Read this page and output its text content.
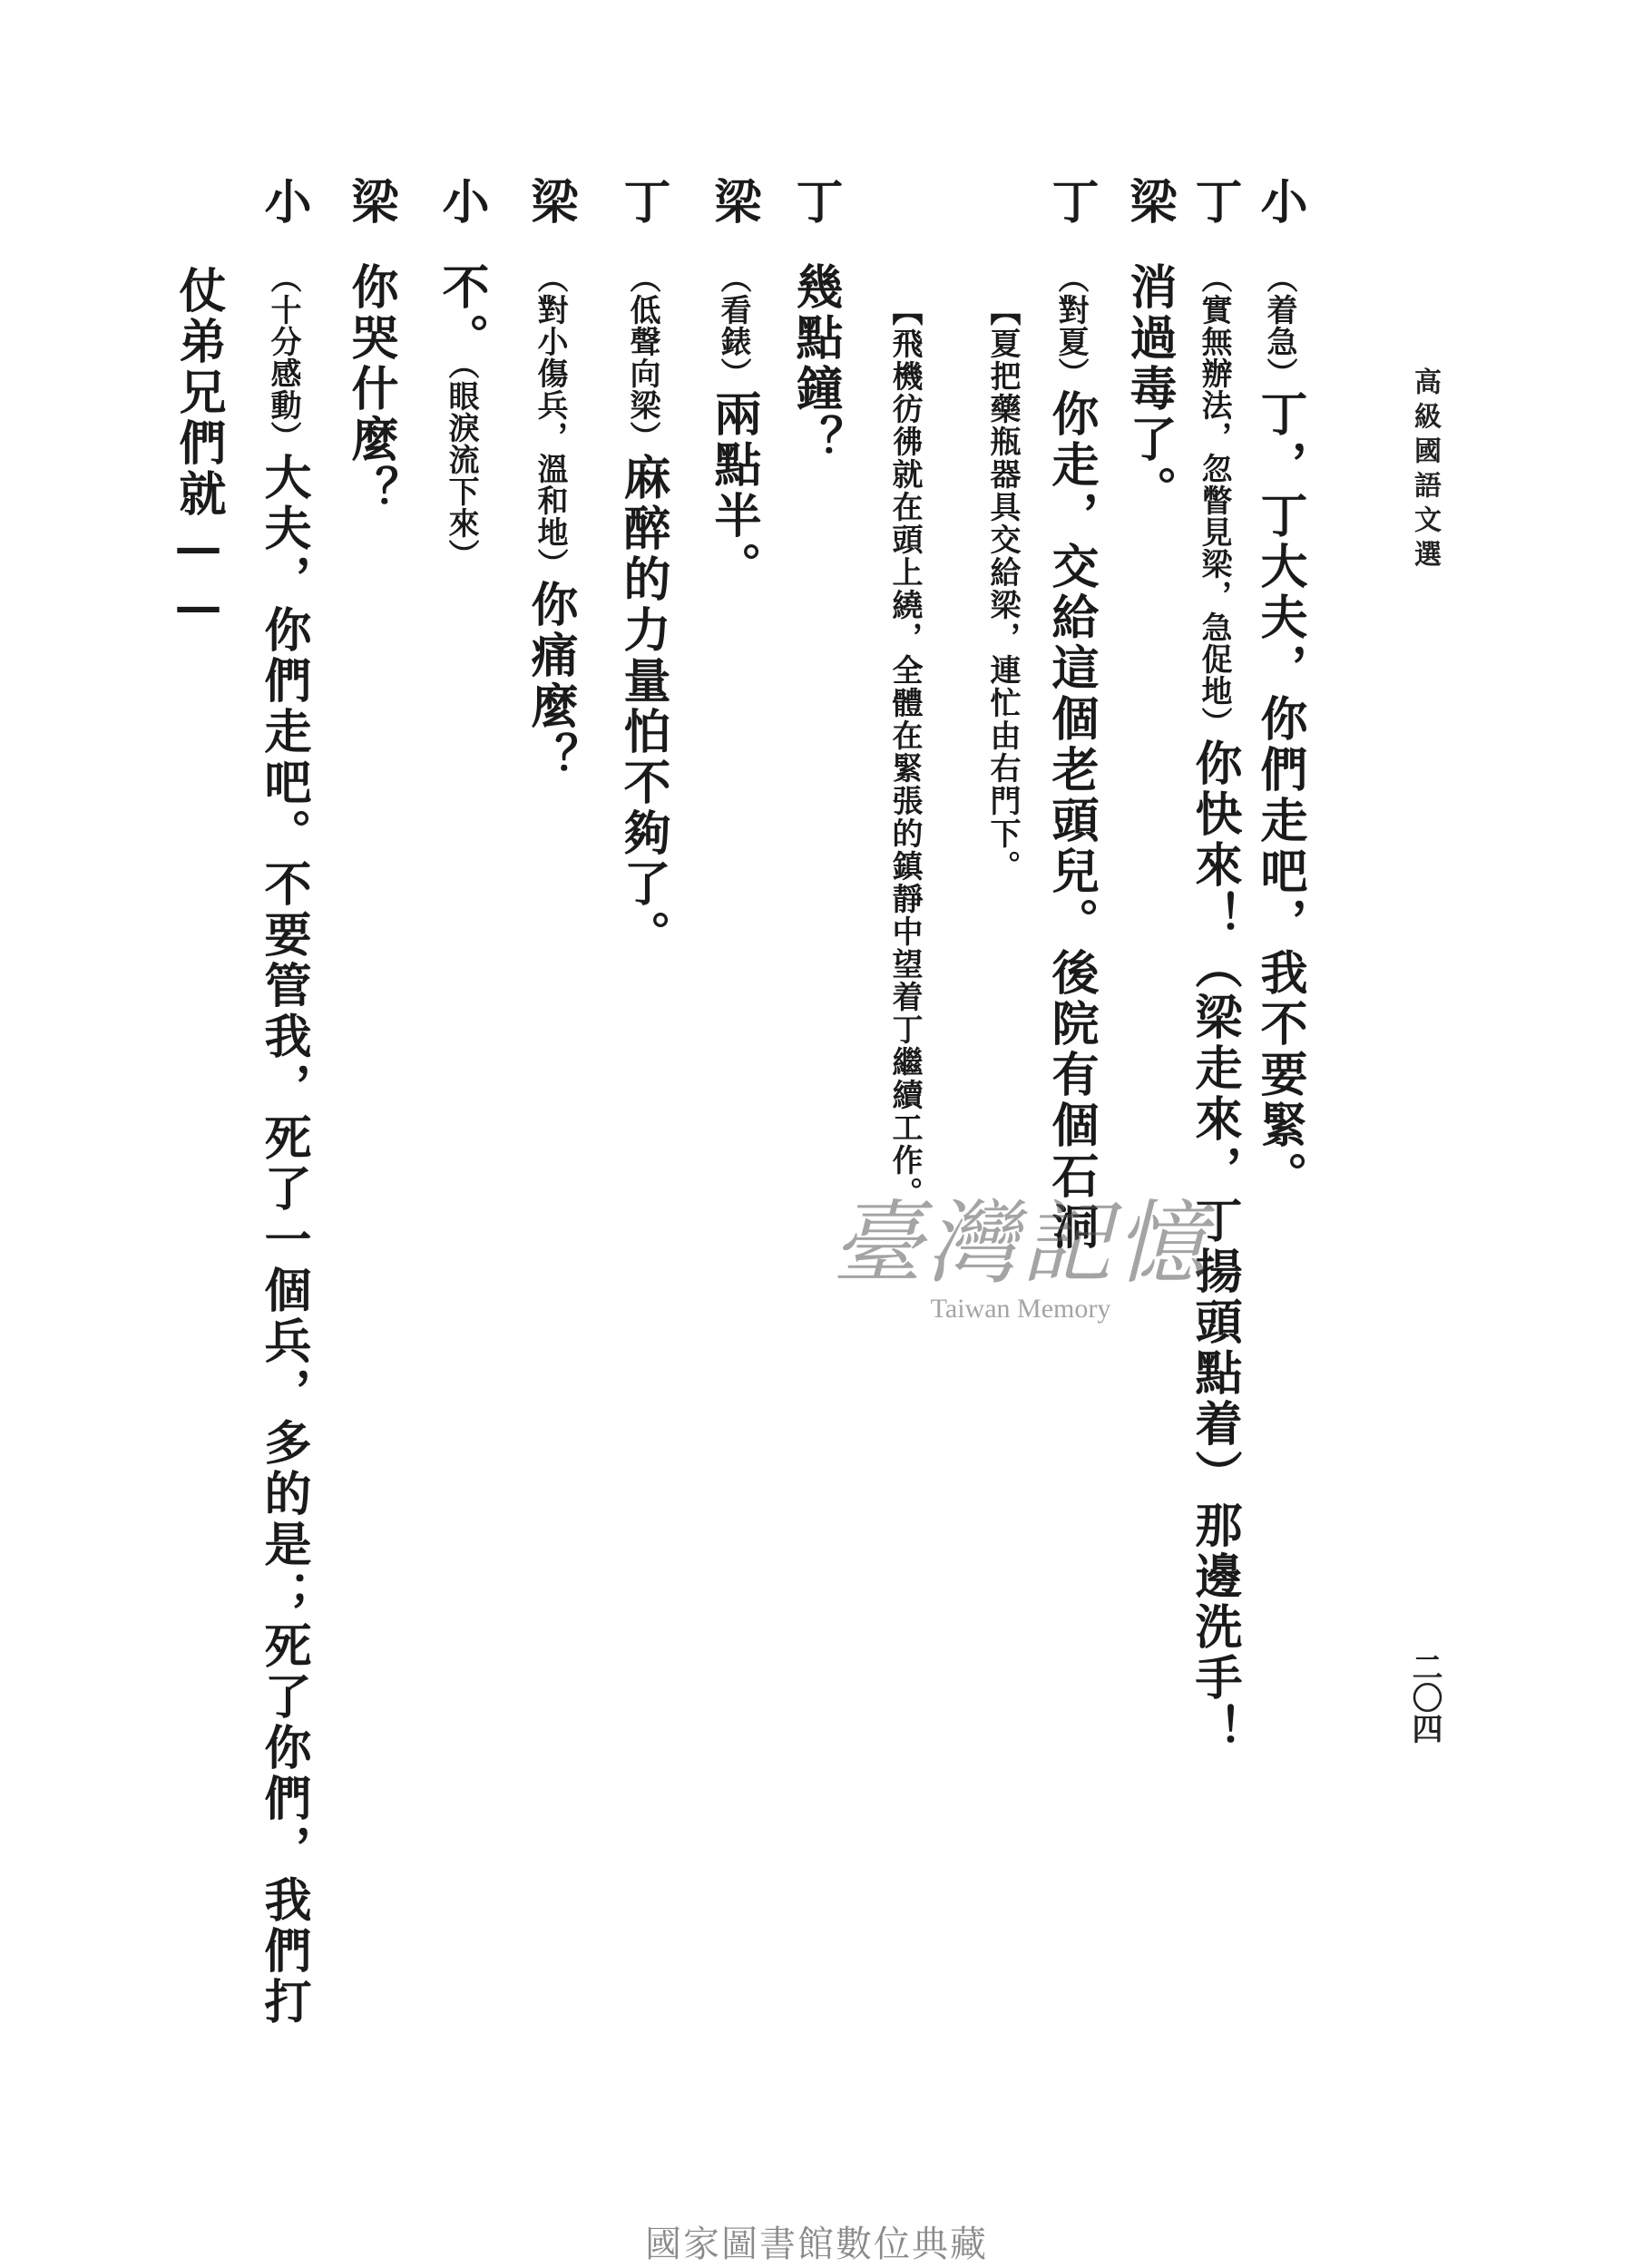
高級國語文選
二〇四
小（着急）丁，丁大夫，你們走吧，我不要緊。
丁（實無辦法，忽瞥見梁，急促地）你快來！（梁走來，丁揚頭點着）那邊洗手！
梁消過毒了。
丁（對夏）你走，交給這個老頭兒。後院有個石洞
【夏把藥瓶器具交給梁，連忙由右門下。
【飛機彷彿就在頭上繞，全體在緊張的鎮靜中望着丁繼續工作。
丁幾點鐘？
梁（看錶）兩點半。
丁（低聲向梁）麻醉的力量怕不夠了。
梁（對小傷兵，溫和地）你痛麼？
小不。（眼淚流下來）
梁你哭什麼？
小（十分感動）大夫，你們走吧。不要管我，死了一個兵，多的是；死了你們，我們打
仗弟兄們就——
臺灣記憶
Taiwan Memory
國家圖書館數位典藏
